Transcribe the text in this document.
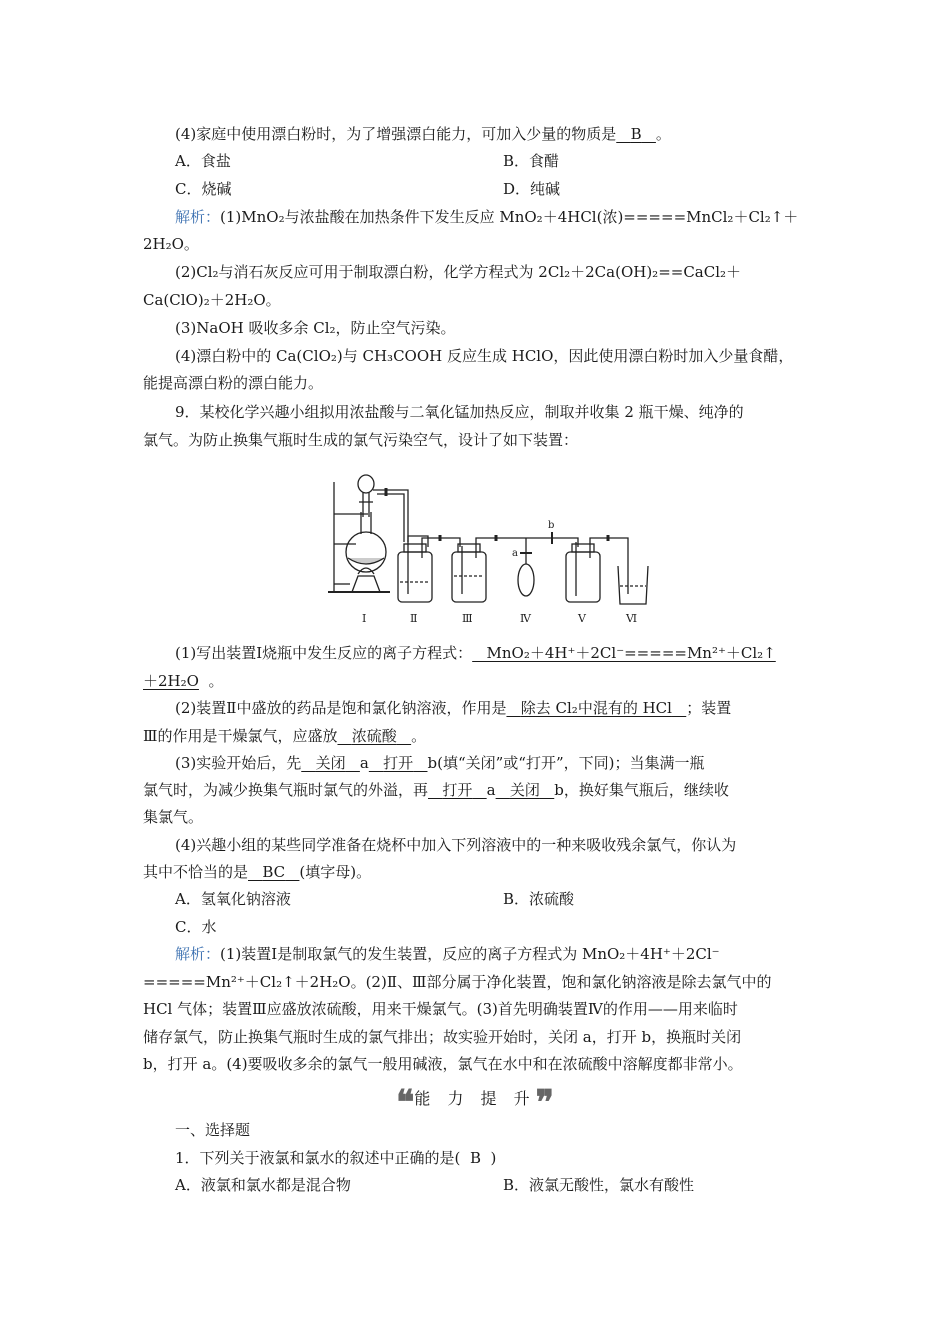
(4)家庭中使用漂白粉时，为了增强漂白能力，可加入少量的物质是 B 。
A．食盐	B．食醋
C．烧碱	D．纯碱
解析：(1)MnO₂与浓盐酸在加热条件下发生反应 MnO₂＋4HCl(浓)=====MnCl₂＋Cl₂↑＋
2H₂O。
(2)Cl₂与消石灰反应可用于制取漂白粉，化学方程式为 2Cl₂＋2Ca(OH)₂==CaCl₂＋
Ca(ClO)₂＋2H₂O。
(3)NaOH 吸收多余 Cl₂，防止空气污染。
(4)漂白粉中的 Ca(ClO₂)与 CH₃COOH 反应生成 HClO，因此使用漂白粉时加入少量食醋，
能提高漂白粉的漂白能力。
9．某校化学兴趣小组拟用浓盐酸与二氧化锰加热反应，制取并收集 2 瓶干燥、纯净的
氯气。为防止换集气瓶时生成的氯气污染空气，设计了如下装置：
a
b
Ⅰ	Ⅱ	Ⅲ	Ⅳ	Ⅴ	Ⅵ
(1)写出装置Ⅰ烧瓶中发生反应的离子方程式： MnO₂＋4H⁺＋2Cl⁻=====Mn²⁺＋Cl₂↑
＋2H₂O 。
(2)装置Ⅱ中盛放的药品是饱和氯化钠溶液，作用是 除去 Cl₂中混有的 HCl ；装置
Ⅲ的作用是干燥氯气，应盛放 浓硫酸 。
(3)实验开始后，先 关闭 a 打开 b(填“关闭”或“打开”，下同)；当集满一瓶
氯气时，为减少换集气瓶时氯气的外溢，再 打开 a 关闭 b，换好集气瓶后，继续收
集氯气。
(4)兴趣小组的某些同学准备在烧杯中加入下列溶液中的一种来吸收残余氯气，你认为
其中不恰当的是 BC (填字母)。
A．氢氧化钠溶液	B．浓硫酸
C．水
解析：(1)装置Ⅰ是制取氯气的发生装置，反应的离子方程式为 MnO₂＋4H⁺＋2Cl⁻
=====Mn²⁺＋Cl₂↑＋2H₂O。(2)Ⅱ、Ⅲ部分属于净化装置，饱和氯化钠溶液是除去氯气中的
HCl 气体；装置Ⅲ应盛放浓硫酸，用来干燥氯气。(3)首先明确装置Ⅳ的作用——用来临时
储存氯气，防止换集气瓶时生成的氯气排出；故实验开始时，关闭 a，打开 b，换瓶时关闭
b，打开 a。(4)要吸收多余的氯气一般用碱液，氯气在水中和在浓硫酸中溶解度都非常小。
❝能 力 提 升❞
一、选择题
1．下列关于液氯和氯水的叙述中正确的是( B )
A．液氯和氯水都是混合物	B．液氯无酸性，氯水有酸性
